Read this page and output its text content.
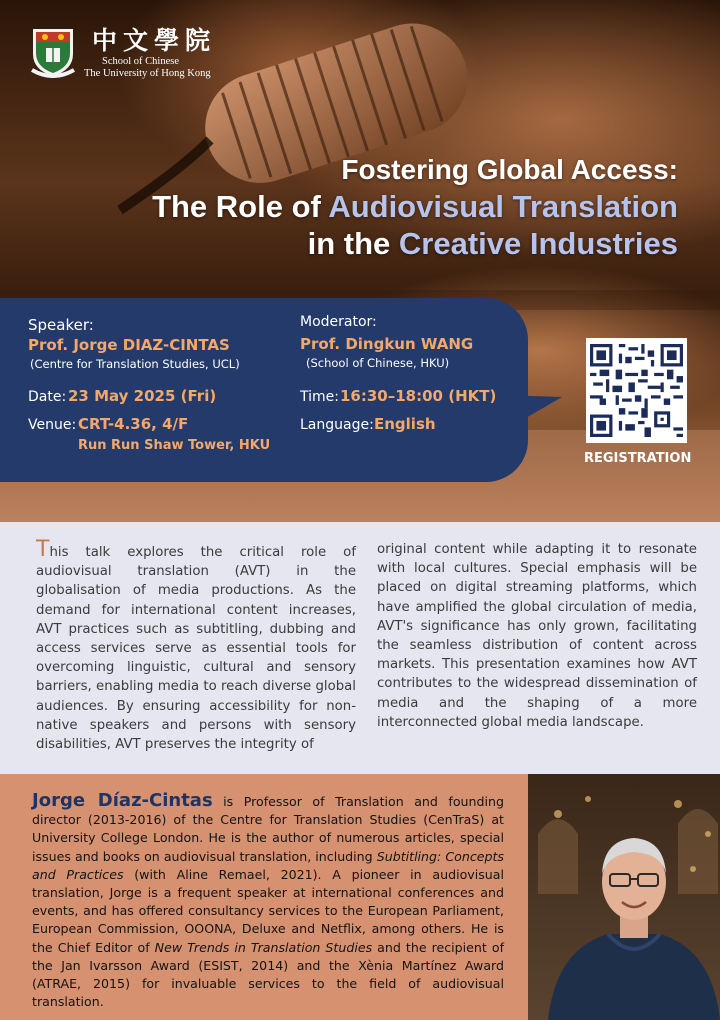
中文學院
School of Chinese
The University of Hong Kong
Fostering Global Access:
The Role of Audiovisual Translation
in the Creative Industries
Speaker:
Prof. Jorge DIAZ-CINTAS
(Centre for Translation Studies, UCL)
Moderator:
Prof. Dingkun WANG
(School of Chinese, HKU)
Date: 23 May 2025 (Fri)	Time: 16:30–18:00 (HKT)
Venue: CRT-4.36, 4/F
Run Run Shaw Tower, HKU
Language: English
REGISTRATION
This talk explores the critical role of audiovisual translation (AVT) in the globalisation of media productions. As the demand for international content increases, AVT practices such as subtitling, dubbing and access services serve as essential tools for overcoming linguistic, cultural and sensory barriers, enabling media to reach diverse global audiences. By ensuring accessibility for non-native speakers and persons with sensory disabilities, AVT preserves the integrity of
original content while adapting it to resonate with local cultures. Special emphasis will be placed on digital streaming platforms, which have amplified the global circulation of media, AVT's significance has only grown, facilitating the seamless distribution of content across markets. This presentation examines how AVT contributes to the widespread dissemination of media and the shaping of a more interconnected global media landscape.
Jorge Díaz-Cintas is Professor of Translation and founding director (2013-2016) of the Centre for Translation Studies (CenTraS) at University College London. He is the author of numerous articles, special issues and books on audiovisual translation, including Subtitling: Concepts and Practices (with Aline Remael, 2021). A pioneer in audiovisual translation, Jorge is a frequent speaker at international conferences and events, and has offered consultancy services to the European Parliament, European Commission, OOONA, Deluxe and Netflix, among others. He is the Chief Editor of New Trends in Translation Studies and the recipient of the Jan Ivarsson Award (ESIST, 2014) and the Xènia Martínez Award (ATRAE, 2015) for invaluable services to the field of audiovisual translation.
